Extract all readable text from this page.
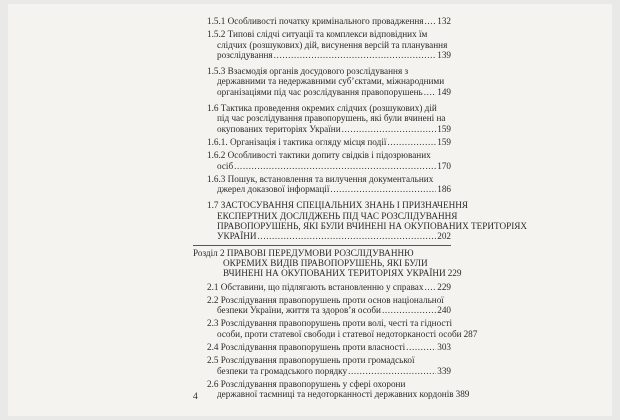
1.5.1 Особливості початку кримінального провадження ..... 132
1.5.2 Типові слідчі ситуації та комплекси відповідних їм
слідчих (розшукових) дій, висунення версій та планування
розслідування .....	139
1.5.3 Взаємодія органів досудового розслідування з
державними та недержавними суб’єктами, міжнародними
організаціями під час розслідування правопорушень ..... 149
1.6 Тактика проведення окремих слідчих (розшукових) дій
під час розслідування правопорушень, які були вчинені на
окупованих територіях України .....	159
1.6.1. Організація і тактика огляду місця події .....	159
1.6.2 Особливості тактики допиту свідків і підозрюваних
осіб .....	170
1.6.3 Пошук, встановлення та вилучення документальних
джерел доказової інформації .....	186
1.7 ЗАСТОСУВАННЯ СПЕЦІАЛЬНИХ ЗНАНЬ І ПРИЗНАЧЕННЯ
ЕКСПЕРТНИХ ДОСЛІДЖЕНЬ ПІД ЧАС РОЗСЛІДУВАННЯ
ПРАВОПОРУШЕНЬ, ЯКІ БУЛИ ВЧИНЕНІ НА ОКУПОВАНИХ ТЕРИТОРІЯХ
УКРАЇНИ .....	202
Розділ 2 ПРАВОВІ ПЕРЕДУМОВИ РОЗСЛІДУВАННЮ
ОКРЕМИХ ВИДІВ ПРАВОПОРУШЕНЬ, ЯКІ БУЛИ
ВЧИНЕНІ НА ОКУПОВАНИХ ТЕРИТОРІЯХ УКРАЇНИ 229
2.1 Обставини, що підлягають встановленню у справах ..... 229
2.2 Розслідування правопорушень проти основ національної
безпеки України, життя та здоров’я особи .....	240
2.3 Розслідування правопорушень проти волі, честі та гідності
особи, проти статевої свободи і статевої недоторканості особи 287
2.4 Розслідування правопорушень проти власності .....	303
2.5 Розслідування правопорушень проти громадської
безпеки та громадського порядку .....	339
2.6 Розслідування правопорушень у сфері охорони
державної таємниці та недоторканності державних кордонів 389
4
